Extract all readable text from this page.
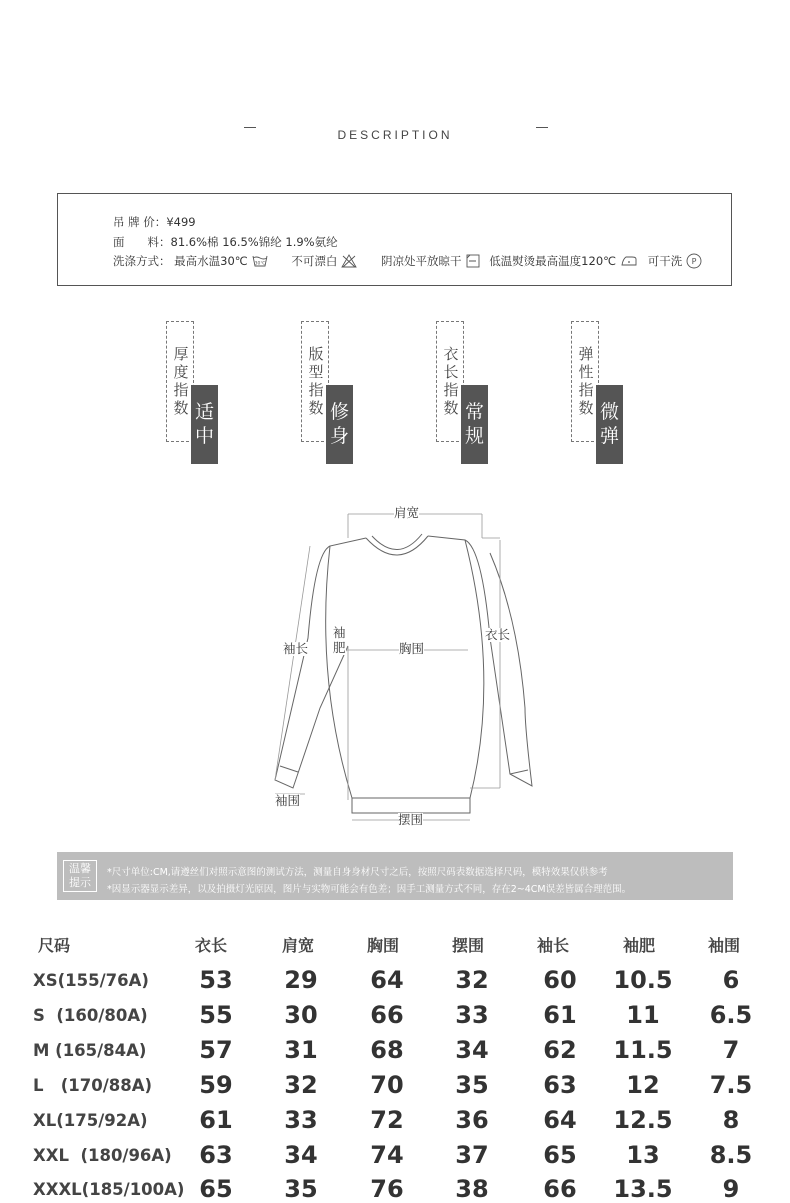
DESCRIPTION
吊 牌 价：¥499
面　　料：81.6%棉 16.5%锦纶 1.9%氨纶
洗涤方式： 最高水温30℃ 30℃
不可漂白
	阴凉处平放晾干
低温熨烫最高温度120℃
	可干洗 P
厚度指数 适中
版型指数 修身
衣长指数 常规
弹性指数 微弹
肩宽
袖长
袖
肥	胸围
衣长
袖围
摆围
温馨
提示
*尺寸单位:CM,请遵丝们对照示意图的测试方法，测量自身身材尺寸之后，按照尺码表数据选择尺码，模特效果仅供参考
*因显示器显示差异，以及拍摄灯光原因，图片与实物可能会有色差；因手工测量方式不同，存在2~4CM误差皆属合理范围。
尺码	衣长	肩宽	胸围	摆围	袖长	袖肥	袖围
XS(155/76A)	53	29	64	32	60	10.5	6
S  (160/80A)	55	30	66	33	61	11	6.5
M (165/84A)	57	31	68	34	62	11.5	7
L   (170/88A)	59	32	70	35	63	12	7.5
XL(175/92A)	61	33	72	36	64	12.5	8
XXL  (180/96A)	63	34	74	37	65	13	8.5
XXXL(185/100A) 65	35	76	38	66	13.5	9
